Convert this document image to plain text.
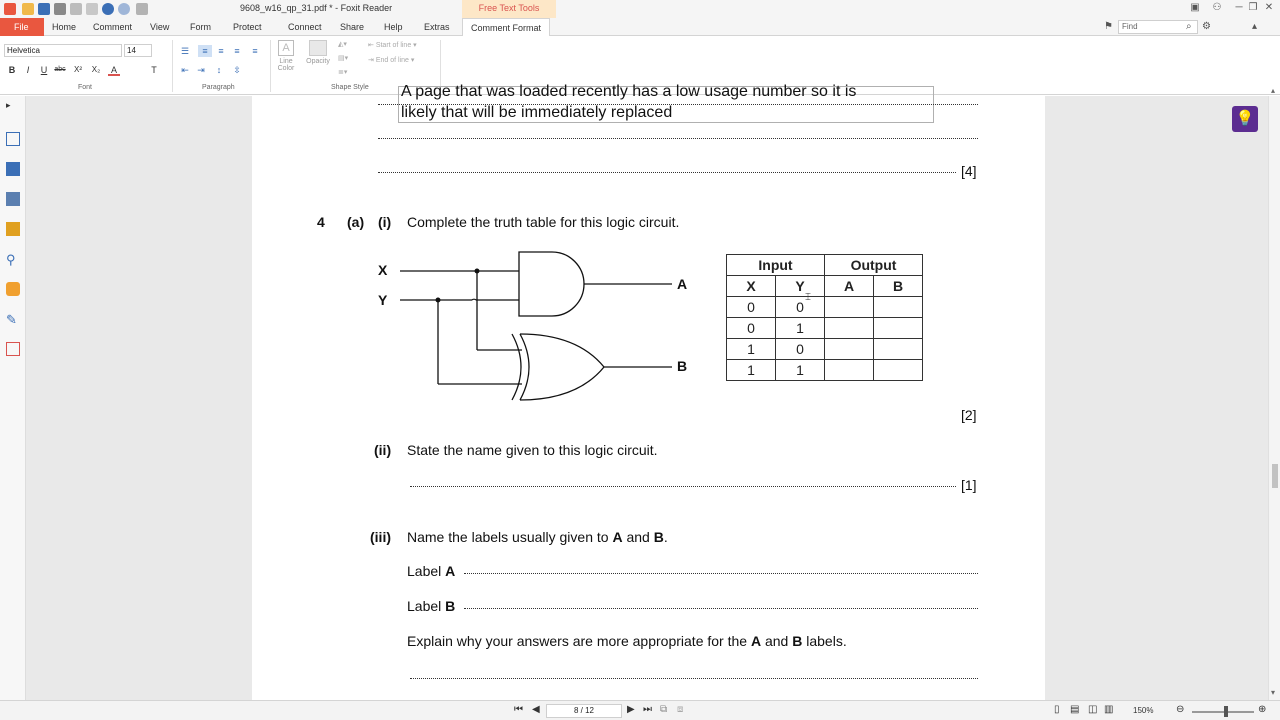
9608_w16_qp_31.pdf * - Foxit Reader	Free Text Tools	▣ ⚇	─ ❐ ✕
File	Home Comment View Form Protect	Connect Share Help Extras	Comment Format	⚑	Find	⌕ ⚙	▴
Helvetica	14
B	I	U	abc X² X₂	A	T
Font
☰	≡	≡	≡	≡
⇤ ⇥	↕	⇳
Paragraph
A
Line Color
Opacity
◭▾
▤▾
≣▾
⇤ Start of line ▾
⇥ End of line ▾
Shape Style
▸
⚲
✎
A page that was loaded recently has a low usage number so it is
likely that will be immediately replaced
[4]
4 (a) (i) Complete the truth table for this logic circuit.
X
Y
A
B
Input		Output	
X	Y	A	B
0	0		
0	1		
1	0		
1	1		
⌶
[2]
(ii) State the name given to this logic circuit.
[1]
(iii) Name the labels usually given to A and B.
Label A
Label B
Explain why your answers are more appropriate for the A and B labels.
💡
▴
▾
⏮ ◀	8 / 12	▶ ⏭ ⧉ ⧈	▯ ▤ ◫ ▥ 150% ⊖	⊕
